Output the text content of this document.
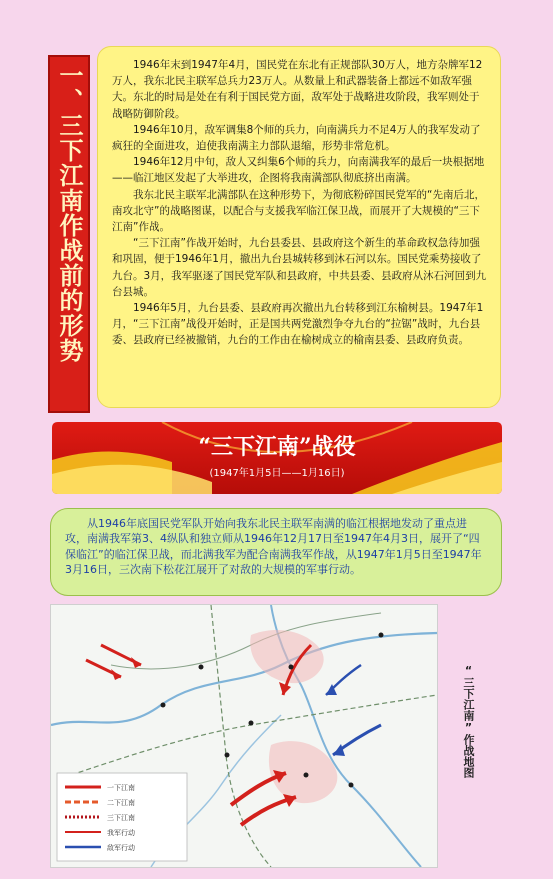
一、三下江南作战前的形势	1946年末到1947年4月，国民党在东北有正规部队30万人，地方杂牌军12万人，我东北民主联军总兵力23万人。从数量上和武器装备上都远不如敌军强大。东北的时局是处在有利于国民党方面，敌军处于战略进攻阶段，我军则处于战略防御阶段。

1946年10月，敌军调集8个师的兵力，向南满兵力不足4万人的我军发动了疯狂的全面进攻，迫使我南满主力部队退缩，形势非常危机。

1946年12月中旬，敌人又纠集6个师的兵力，向南满我军的最后一块根据地——临江地区发起了大举进攻，企图将我南满部队彻底挤出南满。

我东北民主联军北满部队在这种形势下，为彻底粉碎国民党军的“先南后北，南攻北守”的战略图谋，以配合与支援我军临江保卫战，而展开了大规模的“三下江南”作战。

“三下江南”作战开始时，九台县委县、县政府这个新生的革命政权急待加强和巩固，便于1946年1月，撤出九台县城转移到沐石河以东。国民党乘势接收了九台。3月，我军驱逐了国民党军队和县政府，中共县委、县政府从沐石河回到九台县城。

1946年5月，九台县委、县政府再次撤出九台转移到江东榆树县。1947年1月，“三下江南”战役开始时，正是国共两党激烈争夺九台的“拉锯”战时，九台县委、县政府已经被撤销，九台的工作由在榆树成立的榆南县委、县政府负责。

“三下江南”战役
(1947年1月5日——1月16日)

从1946年底国民党军队开始向我东北民主联军南满的临江根据地发动了重点进攻，南满我军第3、4纵队和独立师从1946年12月17日至1947年4月3日，展开了“四保临江”的临江保卫战，而北满我军为配合南满我军作战，从1947年1月5日至1947年3月16日，三次南下松花江展开了对敌的大规模的军事行动。

一下江南
二下江南
三下江南
我军行动
敌军行动
“三下江南”作战地图
